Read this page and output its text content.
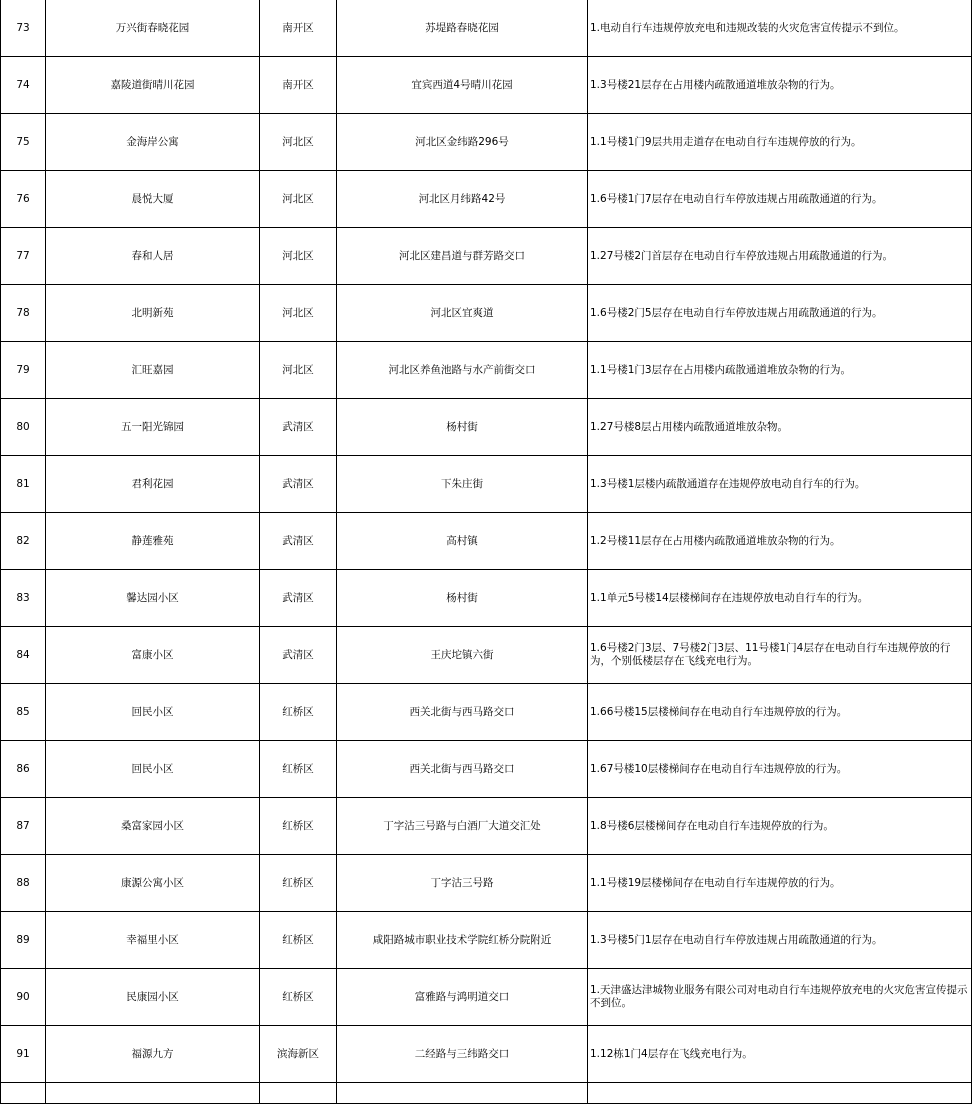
73	万兴街春晓花园	南开区	苏堤路春晓花园	1.电动自行车违规停放充电和违规改装的火灾危害宣传提示不到位。
74	嘉陵道街晴川花园	南开区	宜宾西道4号晴川花园	1.3号楼21层存在占用楼内疏散通道堆放杂物的行为。
75	金海岸公寓	河北区	河北区金纬路296号	1.1号楼1门9层共用走道存在电动自行车违规停放的行为。
76	晨悦大厦	河北区	河北区月纬路42号	1.6号楼1门7层存在电动自行车停放违规占用疏散通道的行为。
77	春和人居	河北区	河北区建昌道与群芳路交口	1.27号楼2门首层存在电动自行车停放违规占用疏散通道的行为。
78	北明新苑	河北区	河北区宜爽道	1.6号楼2门5层存在电动自行车停放违规占用疏散通道的行为。
79	汇旺嘉园	河北区	河北区养鱼池路与水产前街交口	1.1号楼1门3层存在占用楼内疏散通道堆放杂物的行为。
80	五一阳光锦园	武清区	杨村街	1.27号楼8层占用楼内疏散通道堆放杂物。
81	君利花园	武清区	下朱庄街	1.3号楼1层楼内疏散通道存在违规停放电动自行车的行为。
82	静莲雅苑	武清区	高村镇	1.2号楼11层存在占用楼内疏散通道堆放杂物的行为。
83	馨达园小区	武清区	杨村街	1.1单元5号楼14层楼梯间存在违规停放电动自行车的行为。
84	富康小区	武清区	王庆坨镇六街	1.6号楼2门3层、7号楼2门3层、11号楼1门4层存在电动自行车违规停放的行为，个别低楼层存在飞线充电行为。
85	回民小区	红桥区	西关北街与西马路交口	1.66号楼15层楼梯间存在电动自行车违规停放的行为。
86	回民小区	红桥区	西关北街与西马路交口	1.67号楼10层楼梯间存在电动自行车违规停放的行为。
87	桑富家园小区	红桥区	丁字沽三号路与白酒厂大道交汇处	1.8号楼6层楼梯间存在电动自行车违规停放的行为。
88	康源公寓小区	红桥区	丁字沽三号路	1.1号楼19层楼梯间存在电动自行车违规停放的行为。
89	幸福里小区	红桥区	咸阳路城市职业技术学院红桥分院附近	1.3号楼5门1层存在电动自行车停放违规占用疏散通道的行为。
90	民康园小区	红桥区	富雅路与鸿明道交口	1.天津盛达津城物业服务有限公司对电动自行车违规停放充电的火灾危害宣传提示不到位。
91	福源九方	滨海新区	二经路与三纬路交口	1.12栋1门4层存在飞线充电行为。
